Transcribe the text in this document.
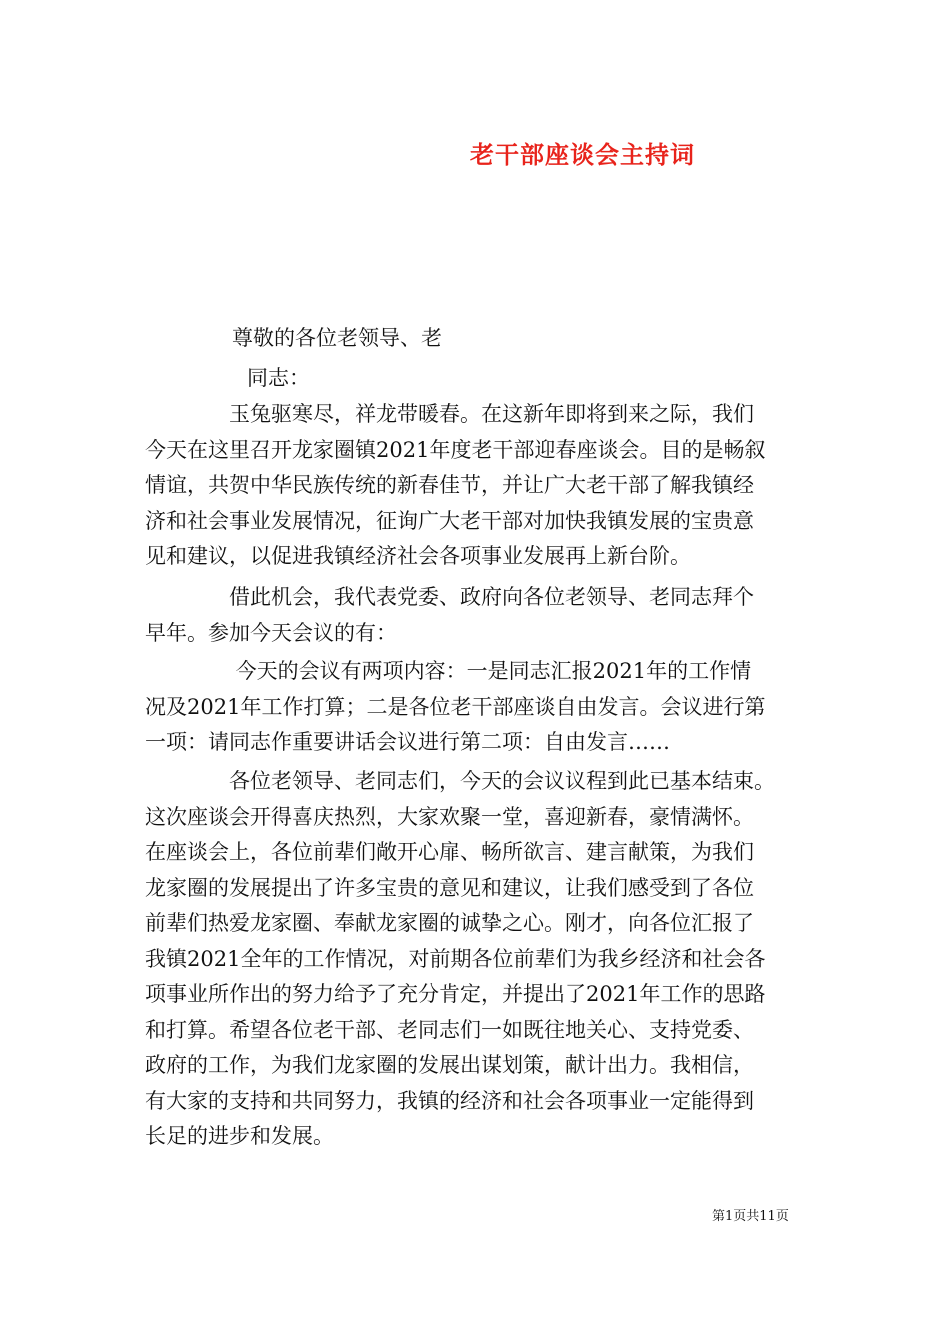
老干部座谈会主持词
尊敬的各位老领导、老
同志：
　　　　玉兔驱寒尽，祥龙带暖春。在这新年即将到来之际，我们
今天在这里召开龙家圈镇2021年度老干部迎春座谈会。目的是畅叙
情谊，共贺中华民族传统的新春佳节，并让广大老干部了解我镇经
济和社会事业发展情况，征询广大老干部对加快我镇发展的宝贵意
见和建议，以促进我镇经济社会各项事业发展再上新台阶。
　　　　借此机会，我代表党委、政府向各位老领导、老同志拜个
早年。参加今天会议的有：
　　　　 今天的会议有两项内容：一是同志汇报2021年的工作情
况及2021年工作打算；二是各位老干部座谈自由发言。会议进行第
一项：请同志作重要讲话会议进行第二项：自由发言……
　　　　各位老领导、老同志们，今天的会议议程到此已基本结束。
这次座谈会开得喜庆热烈，大家欢聚一堂，喜迎新春，豪情满怀。
在座谈会上，各位前辈们敞开心扉、畅所欲言、建言献策，为我们
龙家圈的发展提出了许多宝贵的意见和建议，让我们感受到了各位
前辈们热爱龙家圈、奉献龙家圈的诚挚之心。刚才，向各位汇报了
我镇2021全年的工作情况，对前期各位前辈们为我乡经济和社会各
项事业所作出的努力给予了充分肯定，并提出了2021年工作的思路
和打算。希望各位老干部、老同志们一如既往地关心、支持党委、
政府的工作，为我们龙家圈的发展出谋划策，献计出力。我相信，
有大家的支持和共同努力，我镇的经济和社会各项事业一定能得到
长足的进步和发展。
第1页共11页
